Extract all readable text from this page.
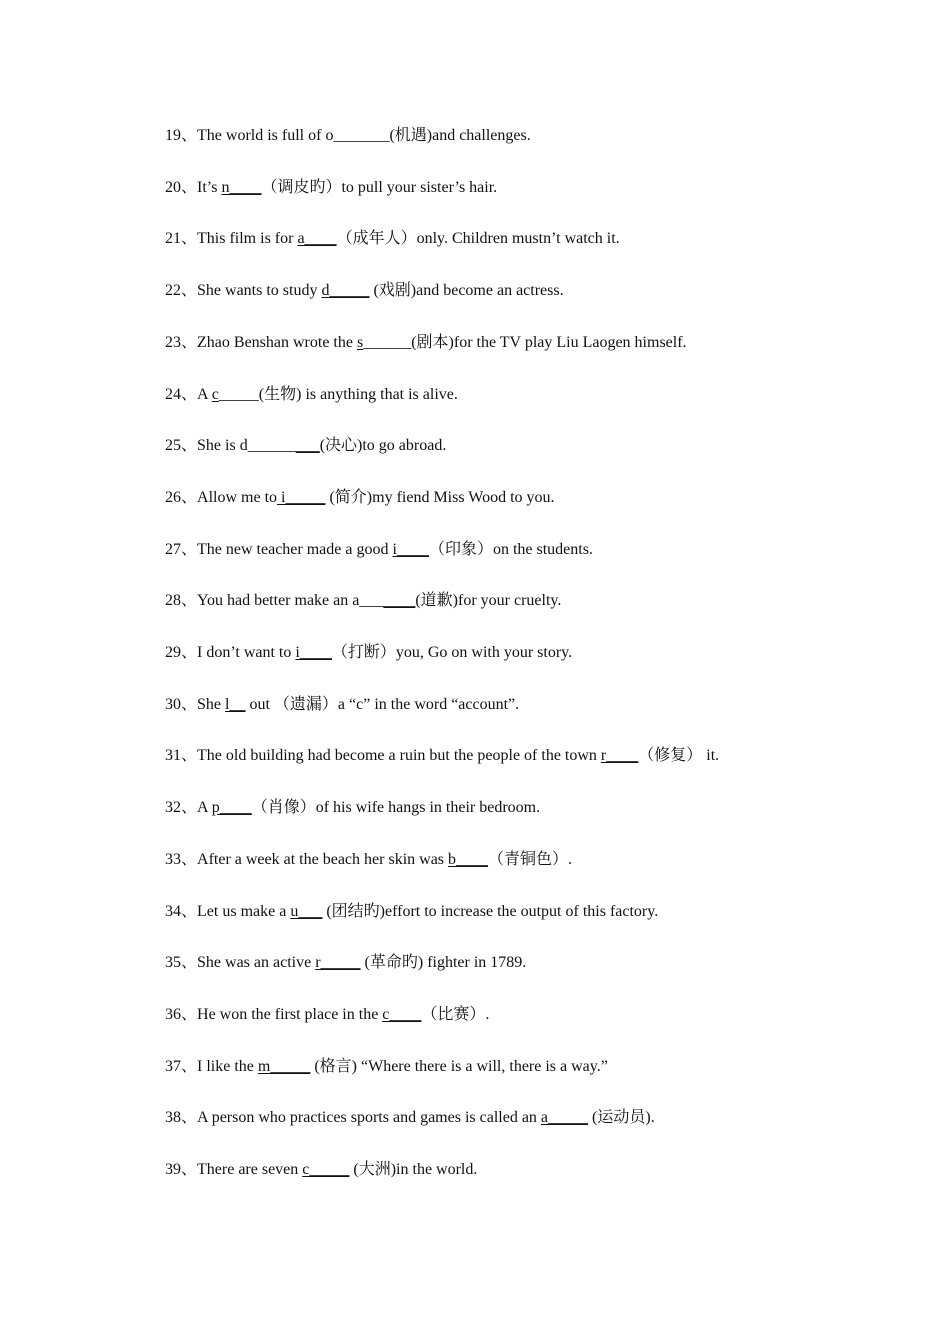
19、The world is full of o_______(机遇)and challenges.
20、It’s n____（调皮旳）to pull your sister’s hair.
21、This film is for a____（成年人）only. Children mustn’t watch it.
22、She wants to study d_____ (戏剧)and become an actress.
23、Zhao Benshan wrote the s______(剧本)for the TV play Liu Laogen himself.
24、A c_____(生物) is anything that is alive.
25、She is d_________(决心)to go abroad.
26、Allow me to i_____ (简介)my fiend Miss Wood to you.
27、The new teacher made a good i____（印象）on the students.
28、You had better make an a_______(道歉)for your cruelty.
29、I don’t want to i____（打断）you, Go on with your story.
30、She l__ out （遗漏）a “c” in the word “account”.
31、The old building had become a ruin but the people of the town r____（修复） it.
32、A p____（肖像）of his wife hangs in their bedroom.
33、After a week at the beach her skin was b____（青铜色）.
34、Let us make a u___ (团结旳)effort to increase the output of this factory.
35、She was an active r_____ (革命旳) fighter in 1789.
36、He won the first place in the c____（比赛）.
37、I like the m_____ (格言) “Where there is a will, there is a way.”
38、A person who practices sports and games is called an a_____ (运动员).
39、There are seven c_____ (大洲)in the world.
